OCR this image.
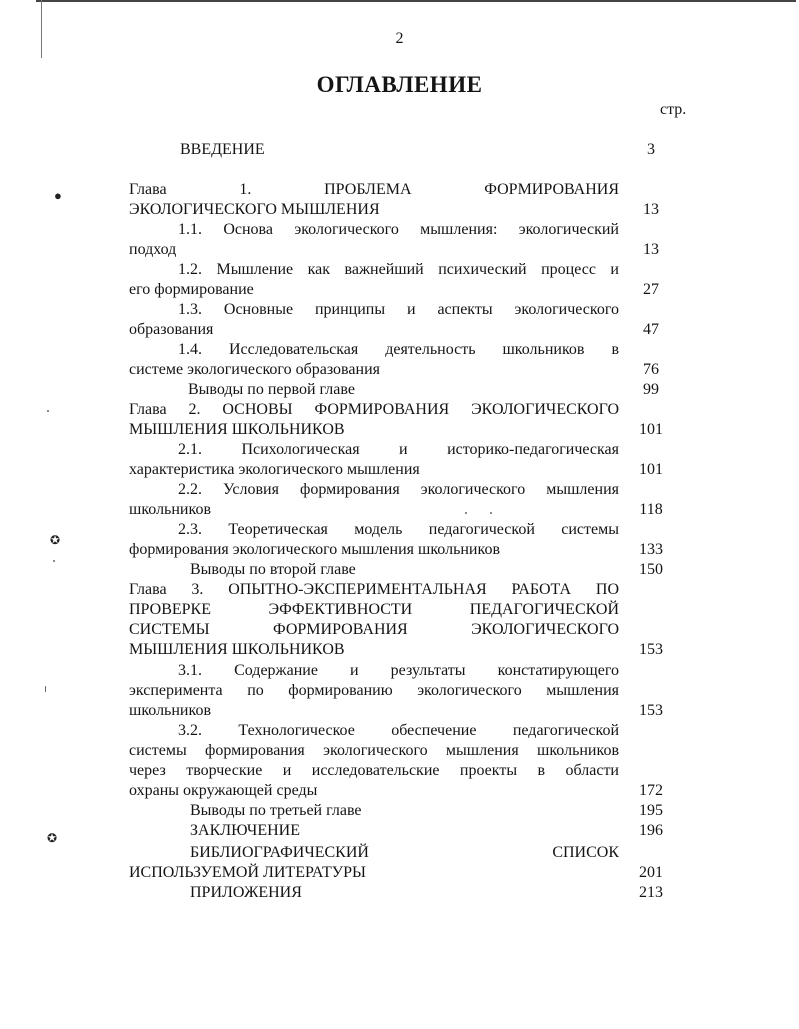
2
ОГЛАВЛЕНИЕ
стр.
●
✪
✪
ВВЕДЕНИЕ	3
Глава 1. ПРОБЛЕМА ФОРМИРОВАНИЯ
ЭКОЛОГИЧЕСКОГО МЫШЛЕНИЯ	13
1.1. Основа экологического мышления: экологический
подход	13
1.2. Мышление как важнейший психический процесс и
его формирование	27
1.3. Основные принципы и аспекты экологического
образования	47
1.4. Исследовательская деятельность школьников в
системе экологического образования	76
Выводы по первой главе	99
Глава 2. ОСНОВЫ ФОРМИРОВАНИЯ ЭКОЛОГИЧЕСКОГО
МЫШЛЕНИЯ ШКОЛЬНИКОВ	101
2.1. Психологическая и историко-педагогическая
характеристика экологического мышления	101
2.2. Условия формирования экологического мышления
школьников	118
2.3. Теоретическая модель педагогической системы
формирования экологического мышления школьников	133
Выводы по второй главе	150
Глава 3. ОПЫТНО-ЭКСПЕРИМЕНТАЛЬНАЯ РАБОТА ПО
ПРОВЕРКЕ ЭФФЕКТИВНОСТИ ПЕДАГОГИЧЕСКОЙ
СИСТЕМЫ ФОРМИРОВАНИЯ ЭКОЛОГИЧЕСКОГО
МЫШЛЕНИЯ ШКОЛЬНИКОВ	153
3.1. Содержание и результаты констатирующего
эксперимента по формированию экологического мышления
школьников	153
3.2. Технологическое обеспечение педагогической
системы формирования экологического мышления школьников
через творческие и исследовательские проекты в области
охраны окружающей среды	172
Выводы по третьей главе	195
ЗАКЛЮЧЕНИЕ	196
БИБЛИОГРАФИЧЕСКИЙ СПИСОК
ИСПОЛЬЗУЕМОЙ ЛИТЕРАТУРЫ	201
ПРИЛОЖЕНИЯ	213
